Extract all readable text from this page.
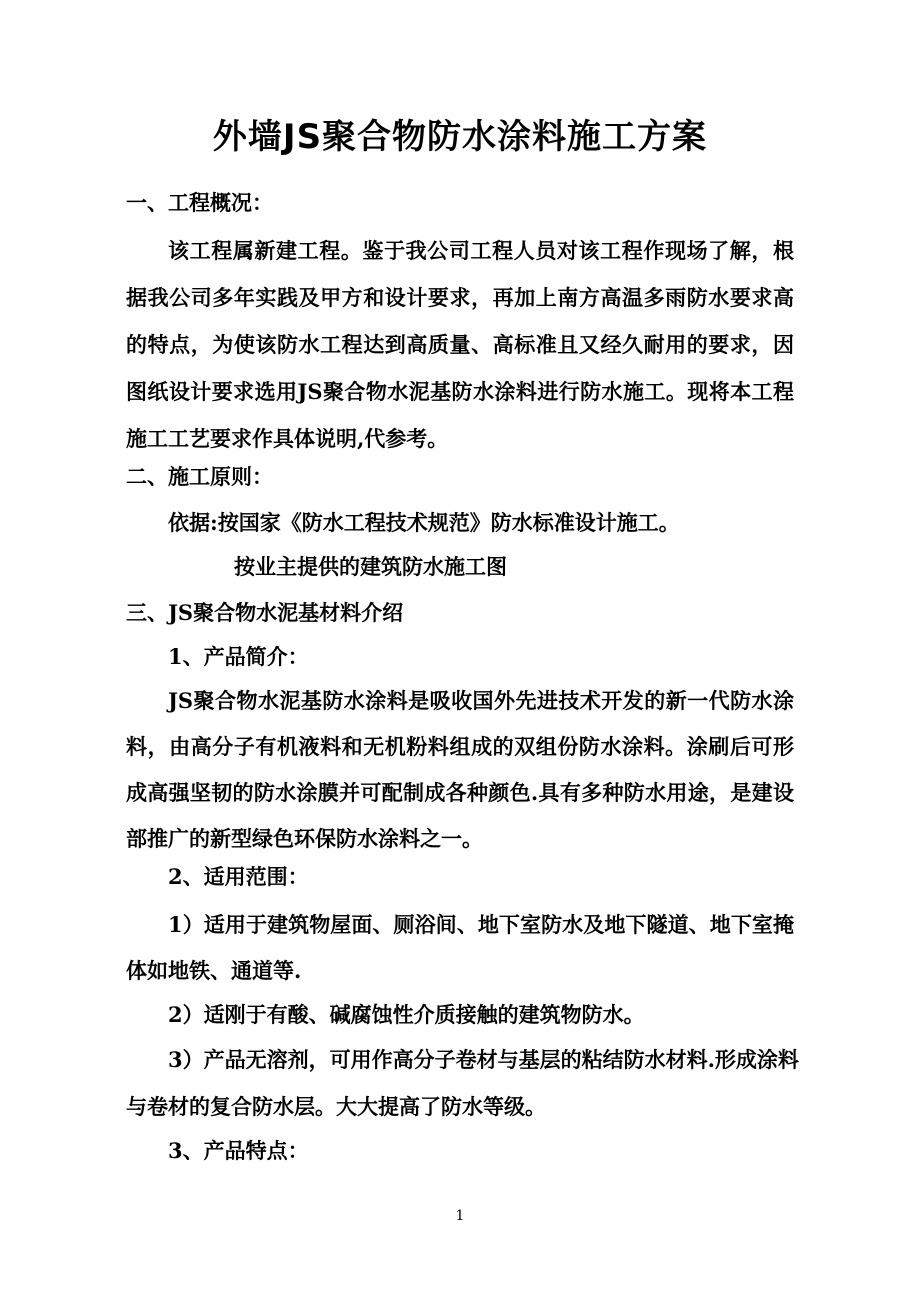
外墙JS聚合物防水涂料施工方案

一、工程概况：

该工程属新建工程。鉴于我公司工程人员对该工程作现场了解，根

据我公司多年实践及甲方和设计要求，再加上南方高温多雨防水要求高

的特点，为使该防水工程达到高质量、高标准且又经久耐用的要求，因

图纸设计要求选用JS聚合物水泥基防水涂料进行防水施工。现将本工程

施工工艺要求作具体说明,代参考。

二、施工原则：

依据:按国家《防水工程技术规范》防水标准设计施工。

按业主提供的建筑防水施工图

三、JS聚合物水泥基材料介绍

1、产品简介：

JS聚合物水泥基防水涂料是吸收国外先进技术开发的新一代防水涂

料，由高分子有机液料和无机粉料组成的双组份防水涂料。涂刷后可形

成高强坚韧的防水涂膜并可配制成各种颜色.具有多种防水用途，是建设

部推广的新型绿色环保防水涂料之一。

2、适用范围：

1）适用于建筑物屋面、厕浴间、地下室防水及地下隧道、地下室掩

体如地铁、通道等.

2）适刚于有酸、碱腐蚀性介质接触的建筑物防水。

3）产品无溶剂，可用作高分子卷材与基层的粘结防水材料.形成涂料

与卷材的复合防水层。大大提高了防水等级。

3、产品特点：

1
